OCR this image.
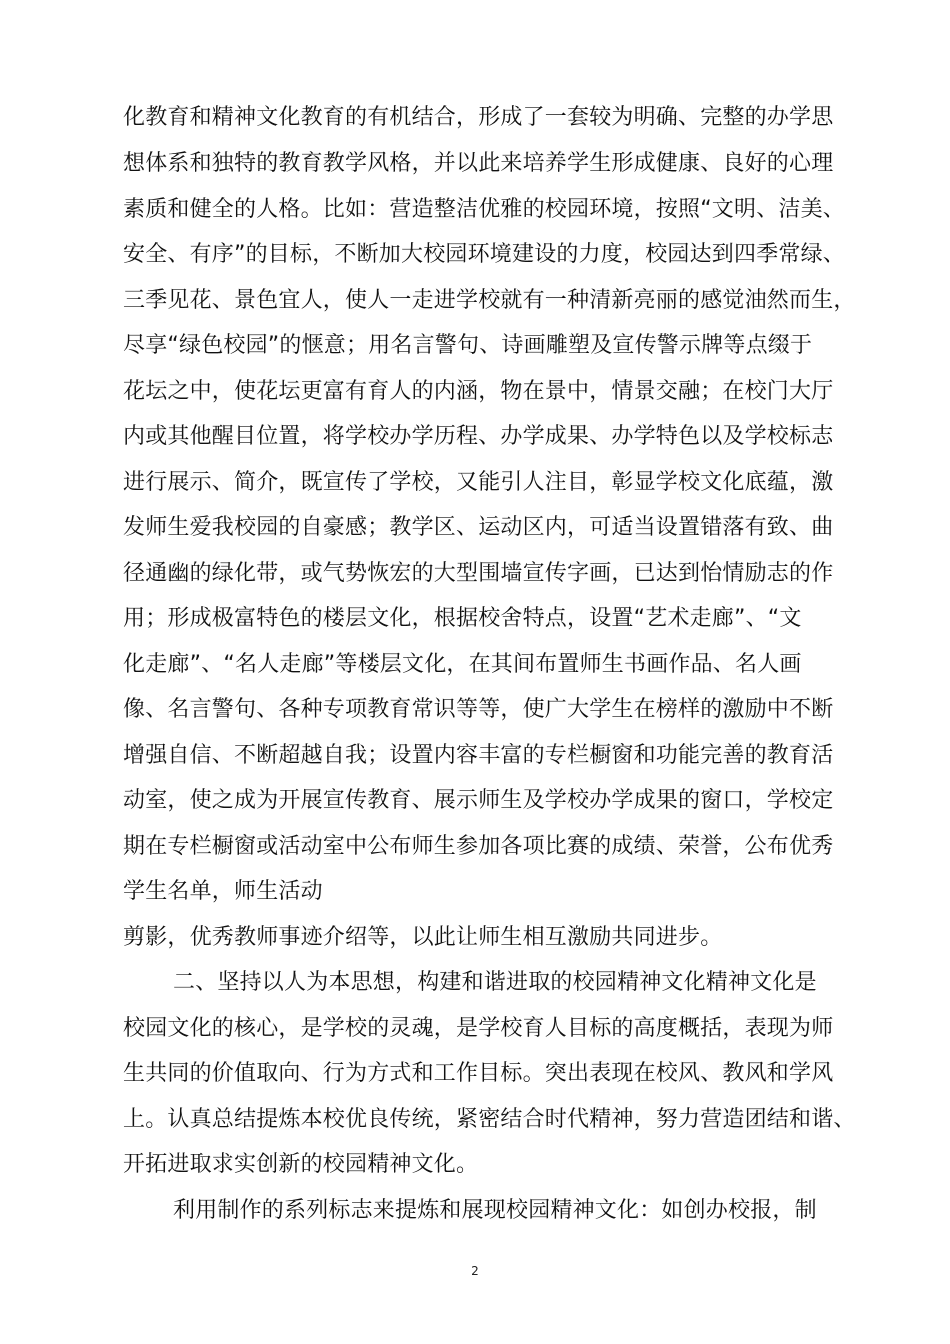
化教育和精神文化教育的有机结合，形成了一套较为明确、完整的办学思
想体系和独特的教育教学风格，并以此来培养学生形成健康、良好的心理
素质和健全的人格。比如：营造整洁优雅的校园环境，按照“文明、洁美、
安全、有序”的目标，不断加大校园环境建设的力度，校园达到四季常绿、
三季见花、景色宜人，使人一走进学校就有一种清新亮丽的感觉油然而生，
尽享“绿色校园”的惬意；用名言警句、诗画雕塑及宣传警示牌等点缀于
花坛之中，使花坛更富有育人的内涵，物在景中，情景交融；在校门大厅
内或其他醒目位置，将学校办学历程、办学成果、办学特色以及学校标志
进行展示、简介，既宣传了学校，又能引人注目，彰显学校文化底蕴，激
发师生爱我校园的自豪感；教学区、运动区内，可适当设置错落有致、曲
径通幽的绿化带，或气势恢宏的大型围墙宣传字画，已达到怡情励志的作
用；形成极富特色的楼层文化，根据校舍特点，设置“艺术走廊”、“文
化走廊”、“名人走廊”等楼层文化，在其间布置师生书画作品、名人画
像、名言警句、各种专项教育常识等等，使广大学生在榜样的激励中不断
增强自信、不断超越自我；设置内容丰富的专栏橱窗和功能完善的教育活
动室，使之成为开展宣传教育、展示师生及学校办学成果的窗口，学校定
期在专栏橱窗或活动室中公布师生参加各项比赛的成绩、荣誉，公布优秀
学生名单，师生活动
剪影，优秀教师事迹介绍等，以此让师生相互激励共同进步。
二、坚持以人为本思想，构建和谐进取的校园精神文化精神文化是
校园文化的核心，是学校的灵魂，是学校育人目标的高度概括，表现为师
生共同的价值取向、行为方式和工作目标。突出表现在校风、教风和学风
上。认真总结提炼本校优良传统，紧密结合时代精神，努力营造团结和谐、
开拓进取求实创新的校园精神文化。
利用制作的系列标志来提炼和展现校园精神文化：如创办校报，制
2
